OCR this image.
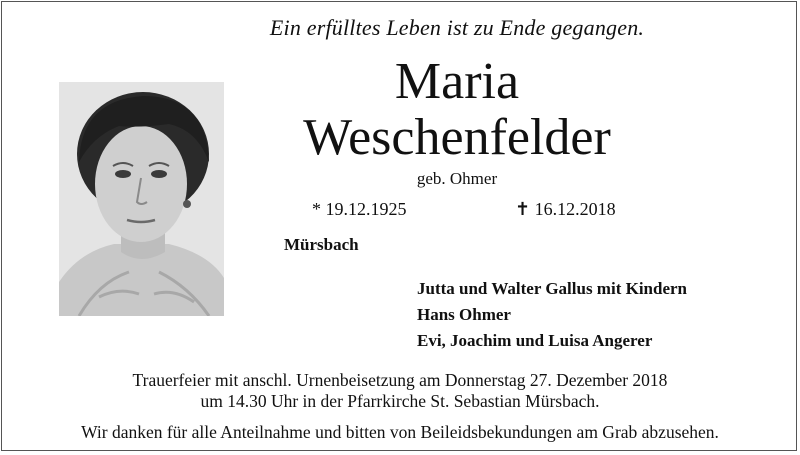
Ein erfülltes Leben ist zu Ende gegangen.
Maria
Weschenfelder
geb. Ohmer
* 19.12.1925	✝ 16.12.2018
Mürsbach
Jutta und Walter Gallus mit Kindern
Hans Ohmer
Evi, Joachim und Luisa Angerer
Trauerfeier mit anschl. Urnenbeisetzung am Donnerstag 27. Dezember 2018
um 14.30 Uhr in der Pfarrkirche St. Sebastian Mürsbach.
Wir danken für alle Anteilnahme und bitten von Beileidsbekundungen am Grab abzusehen.
